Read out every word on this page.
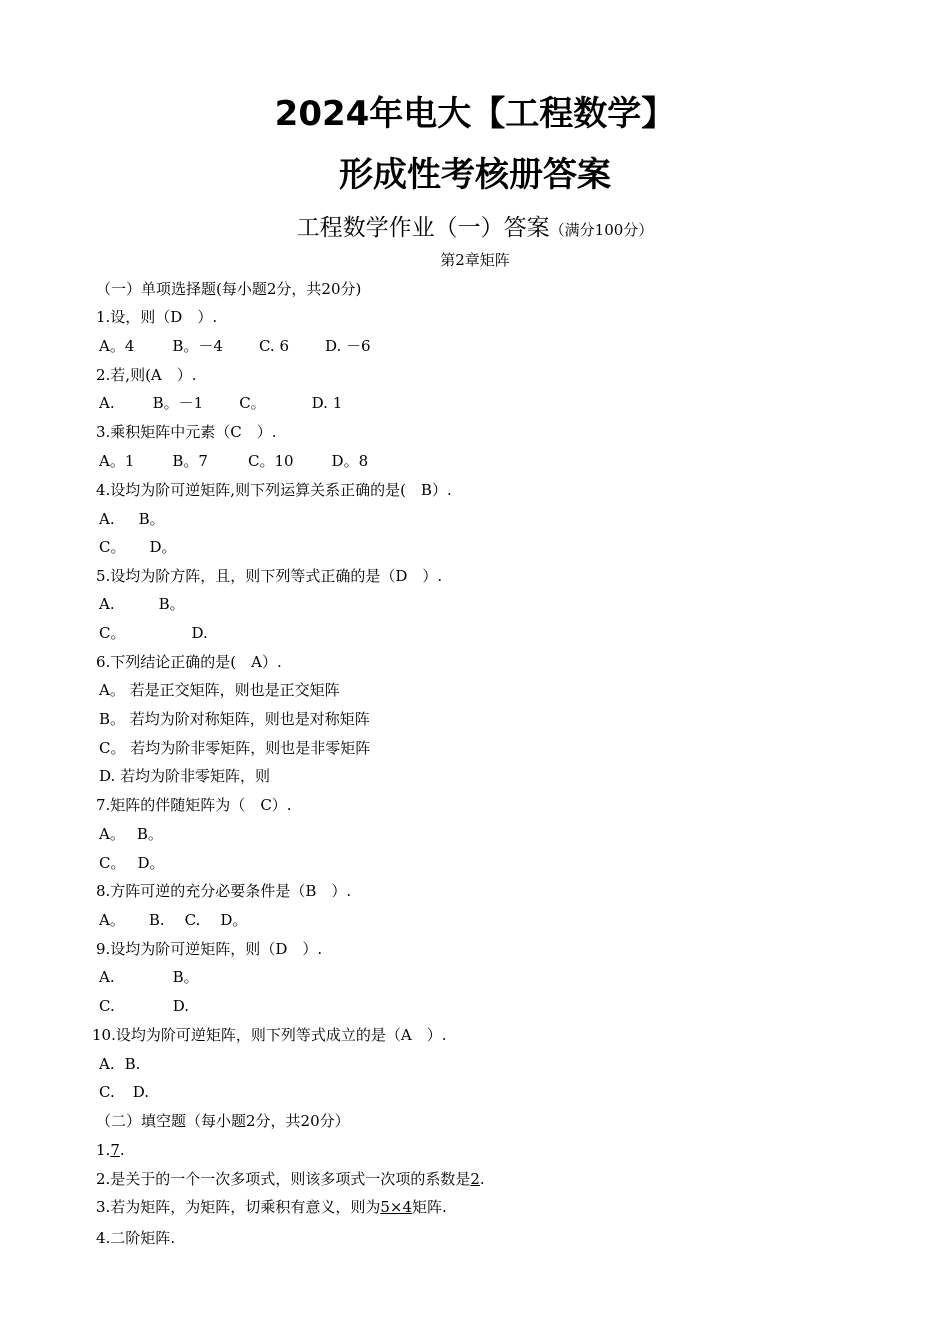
2024年电大【工程数学】
形成性考核册答案
工程数学作业（一）答案（满分100分）
第2章矩阵
（一）单项选择题(每小题2分，共20分)
1.设，则（D　）.
A。4	B。－4 C. 6 D. －6
2.若,则(A　）.
A.	B。－1 C。	D. 1
3.乘积矩阵中元素（C　）.
A。1	B。7	C。10	D。8
4.设均为阶可逆矩阵,则下列运算关系正确的是(　B）.
A. B。
C。 D。
5.设均为阶方阵，且，则下列等式正确的是（D　）.
A.	B。
C。	D.
6.下列结论正确的是(　A）.
A。 若是正交矩阵，则也是正交矩阵
B。 若均为阶对称矩阵，则也是对称矩阵
C。 若均为阶非零矩阵，则也是非零矩阵
D. 若均为阶非零矩阵，则
7.矩阵的伴随矩阵为（　C）.
A。 B。
C。 D。
8.方阵可逆的充分必要条件是（B　）.
A。 B. C. D。
9.设均为阶可逆矩阵，则（D　）.
A.	B。
C.	D.
10.设均为阶可逆矩阵，则下列等式成立的是（A　）.
A. B.
C. D.
（二）填空题（每小题2分，共20分）
1.7.
2.是关于的一个一次多项式，则该多项式一次项的系数是2.
3.若为矩阵，为矩阵，切乘积有意义，则为5×4矩阵.
4.二阶矩阵.
